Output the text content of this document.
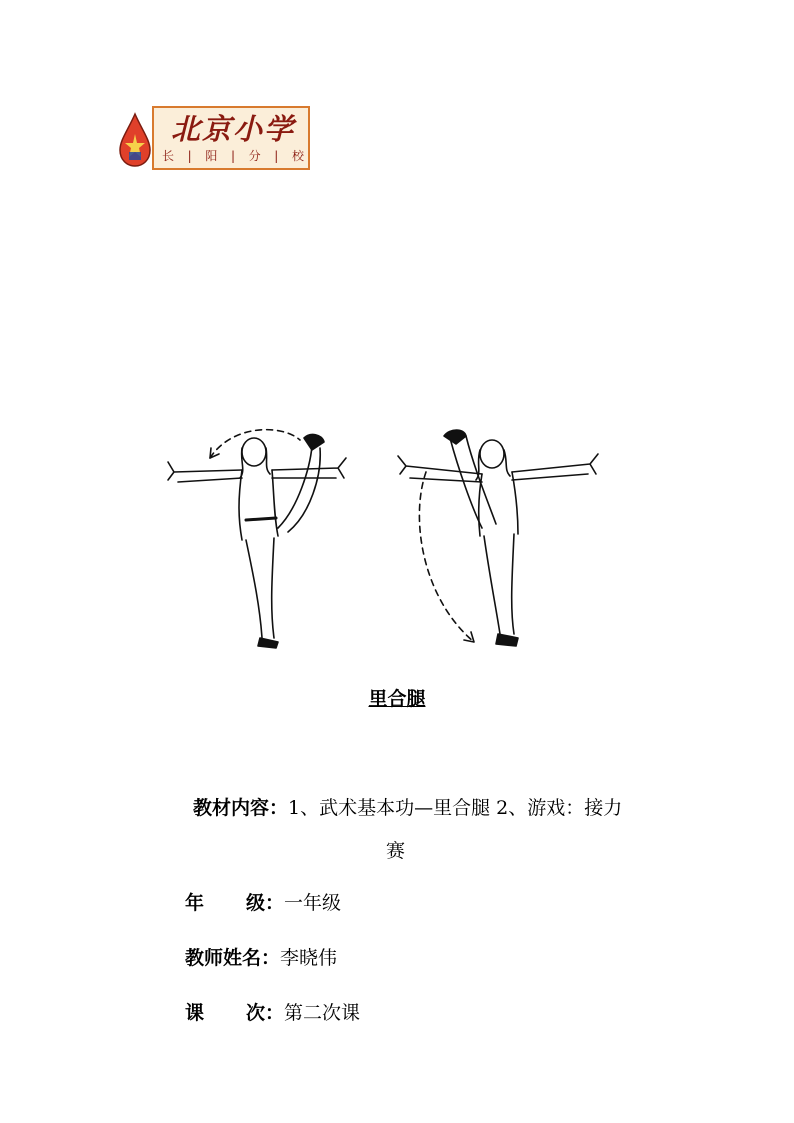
北京小学
长 | 阳 | 分 | 校
里合腿
教材内容：1、武术基本功—里合腿 2、游戏：接力
赛
年 级：一年级
教师姓名：李晓伟
课 次：第二次课
